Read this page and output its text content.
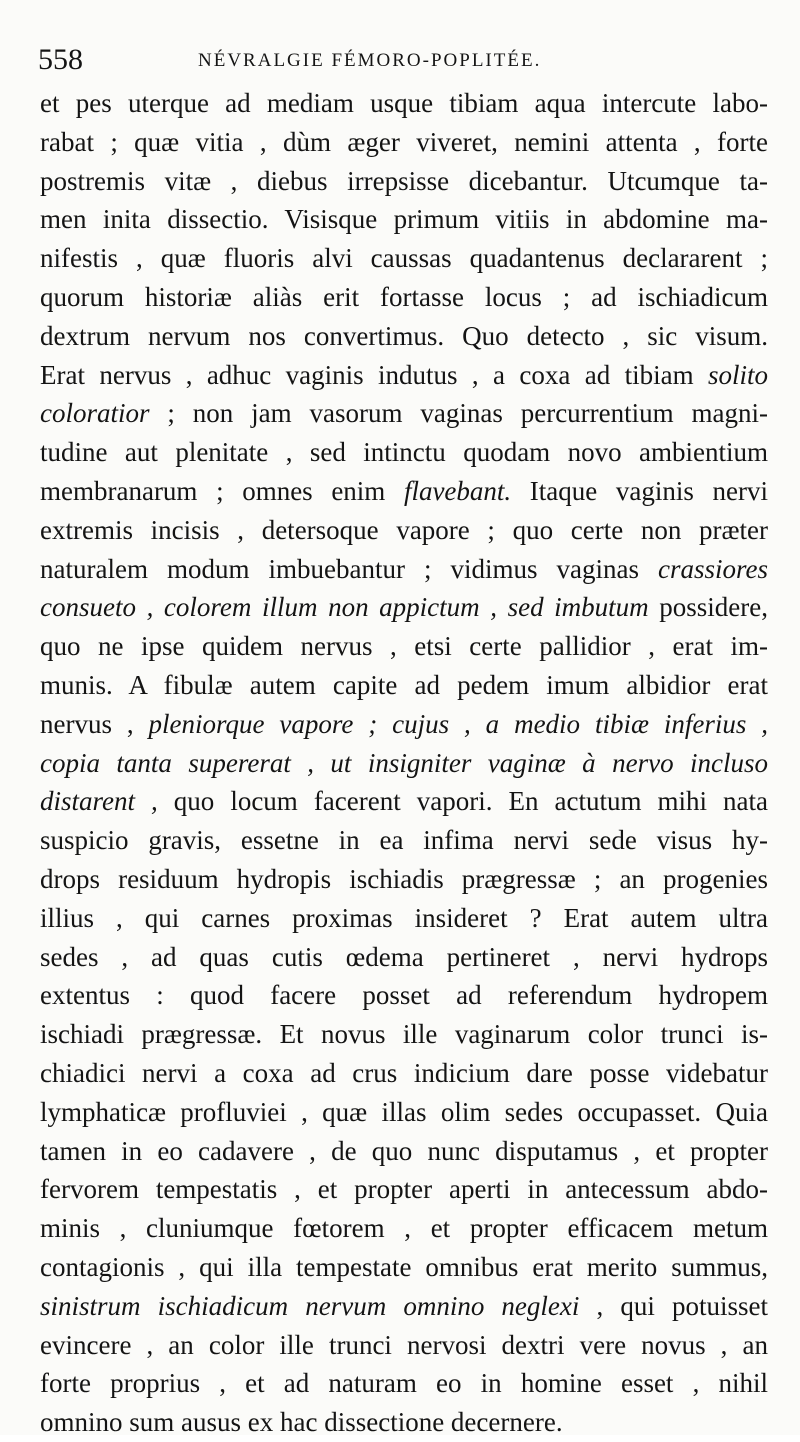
558	NÉVRALGIE FÉMORO-POPLITÉE.
et pes uterque ad mediam usque tibiam aqua intercute labo-
rabat ; quæ vitia , dùm æger viveret, nemini attenta , forte
postremis vitæ , diebus irrepsisse dicebantur. Utcumque ta-
men inita dissectio. Visisque primum vitiis in abdomine ma-
nifestis , quæ fluoris alvi caussas quadantenus declararent ;
quorum historiæ aliàs erit fortasse locus ; ad ischiadicum
dextrum nervum nos convertimus. Quo detecto , sic visum.
Erat nervus , adhuc vaginis indutus , a coxa ad tibiam solito
coloratior ; non jam vasorum vaginas percurrentium magni-
tudine aut plenitate , sed intinctu quodam novo ambientium
membranarum ; omnes enim flavebant. Itaque vaginis nervi
extremis incisis , detersoque vapore ; quo certe non præter
naturalem modum imbuebantur ; vidimus vaginas crassiores
consueto , colorem illum non appictum , sed imbutum possidere,
quo ne ipse quidem nervus , etsi certe pallidior , erat im-
munis. A fibulæ autem capite ad pedem imum albidior erat
nervus , pleniorque vapore ; cujus , a medio tibiæ inferius ,
copia tanta supererat , ut insigniter vaginæ à nervo incluso
distarent , quo locum facerent vapori. En actutum mihi nata
suspicio gravis, essetne in ea infima nervi sede visus hy-
drops residuum hydropis ischiadis prægressæ ; an progenies
illius , qui carnes proximas insideret ? Erat autem ultra
sedes , ad quas cutis œdema pertineret , nervi hydrops
extentus : quod facere posset ad referendum hydropem
ischiadi prægressæ. Et novus ille vaginarum color trunci is-
chiadici nervi a coxa ad crus indicium dare posse videbatur
lymphaticæ profluviei , quæ illas olim sedes occupasset. Quia
tamen in eo cadavere , de quo nunc disputamus , et propter
fervorem tempestatis , et propter aperti in antecessum abdo-
minis , cluniumque fœtorem , et propter efficacem metum
contagionis , qui illa tempestate omnibus erat merito summus,
sinistrum ischiadicum nervum omnino neglexi , qui potuisset
evincere , an color ille trunci nervosi dextri vere novus , an
forte proprius , et ad naturam eo in homine esset , nihil
omnino sum ausus ex hac dissectione decernere.
